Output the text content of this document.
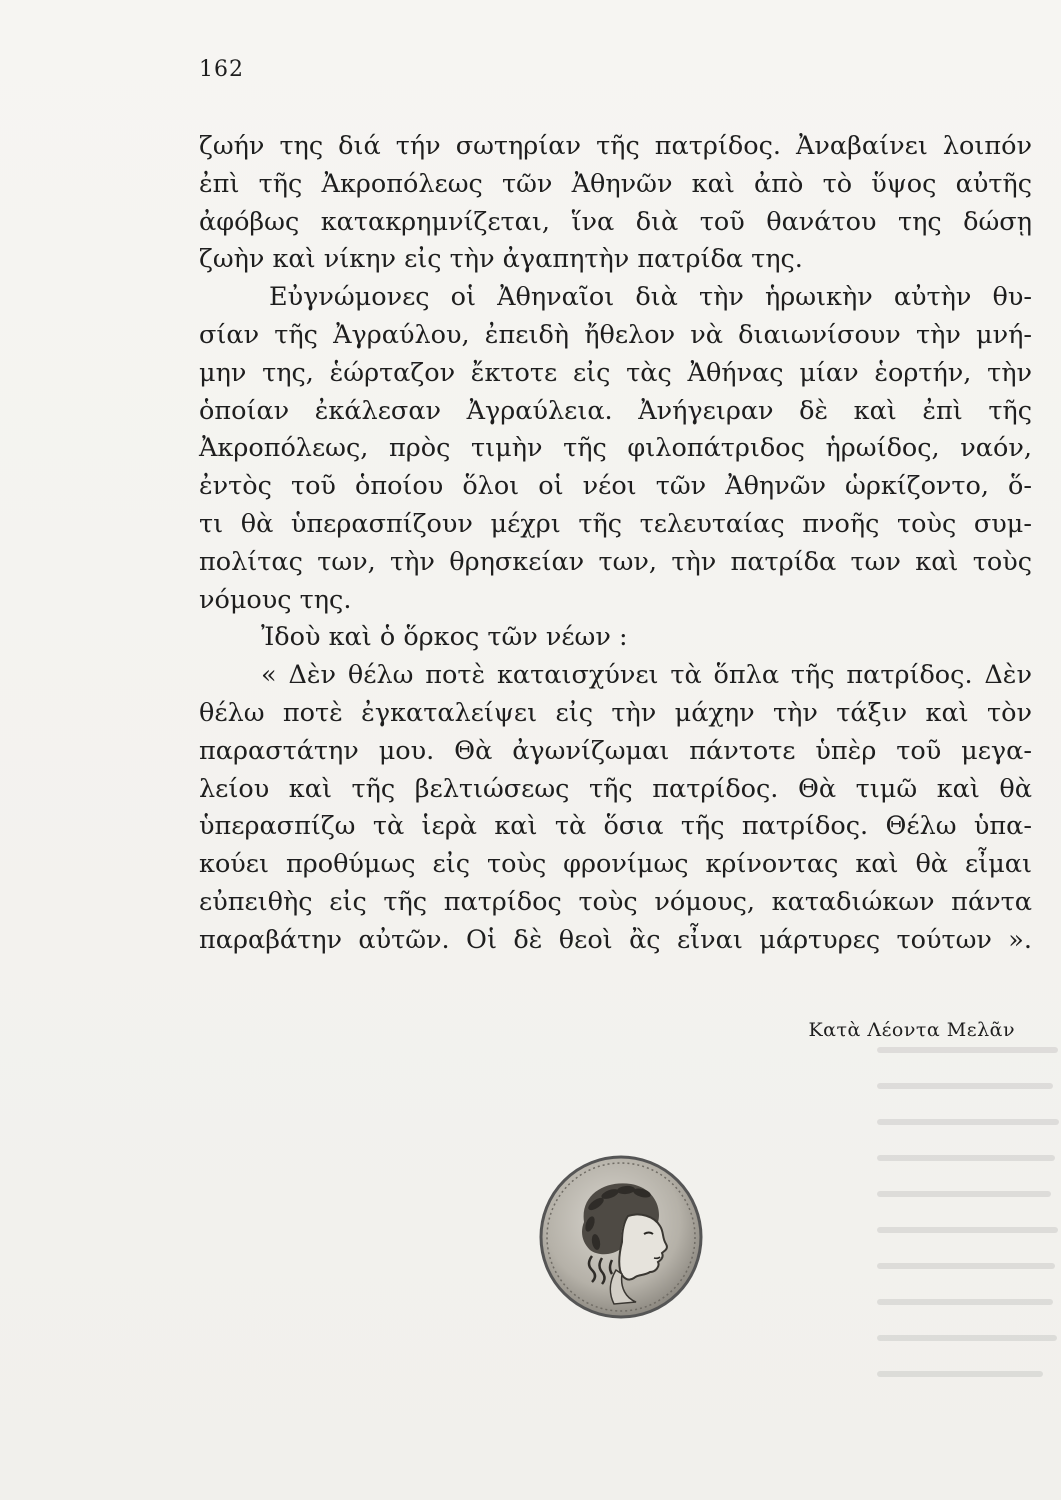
162
ζωήν της διά τήν σωτηρίαν τῆς πατρίδος. Ἀναβαίνει λοιπόν
ἐπὶ τῆς Ἀκροπόλεως τῶν Ἀθηνῶν καὶ ἀπὸ τὸ ὕψος αὐτῆς
ἀφόβως κατακρημνίζεται, ἵνα διὰ τοῦ θανάτου της δώσῃ
ζωὴν καὶ νίκην εἰς τὴν ἀγαπητὴν πατρίδα της.
Εὐγνώμονες οἱ Ἀθηναῖοι διὰ τὴν ἡρωικὴν αὐτὴν θυ-
σίαν τῆς Ἀγραύλου, ἐπειδὴ ἤθελον νὰ διαιωνίσουν τὴν μνή-
μην της, ἑώρταζον ἔκτοτε εἰς τὰς Ἀθήνας μίαν ἑορτήν, τὴν
ὁποίαν ἐκάλεσαν Ἀγραύλεια. Ἀνήγειραν δὲ καὶ ἐπὶ τῆς
Ἀκροπόλεως, πρὸς τιμὴν τῆς φιλοπάτριδος ἡρωίδος, ναόν,
ἐντὸς τοῦ ὁποίου ὅλοι οἱ νέοι τῶν Ἀθηνῶν ὡρκίζοντο, ὅ-
τι θὰ ὑπερασπίζουν μέχρι τῆς τελευταίας πνοῆς τοὺς συμ-
πολίτας των, τὴν θρησκείαν των, τὴν πατρίδα των καὶ τοὺς
νόμους της.
Ἰδοὺ καὶ ὁ ὅρκος τῶν νέων :
« Δὲν θέλω ποτὲ καταισχύνει τὰ ὅπλα τῆς πατρίδος. Δὲν
θέλω ποτὲ ἐγκαταλείψει εἰς τὴν μάχην τὴν τάξιν καὶ τὸν
παραστάτην μου. Θὰ ἀγωνίζωμαι πάντοτε ὑπὲρ τοῦ μεγα-
λείου καὶ τῆς βελτιώσεως τῆς πατρίδος. Θὰ τιμῶ καὶ θὰ
ὑπερασπίζω τὰ ἱερὰ καὶ τὰ ὅσια τῆς πατρίδος. Θέλω ὑπα-
κούει προθύμως εἰς τοὺς φρονίμως κρίνοντας καὶ θὰ εἶμαι
εὐπειθὴς εἰς τῆς πατρίδος τοὺς νόμους, καταδιώκων πάντα
παραβάτην αὐτῶν. Οἱ δὲ θεοὶ ἂς εἶναι μάρτυρες τούτων ».
Κατὰ Λέοντα Μελᾶν
